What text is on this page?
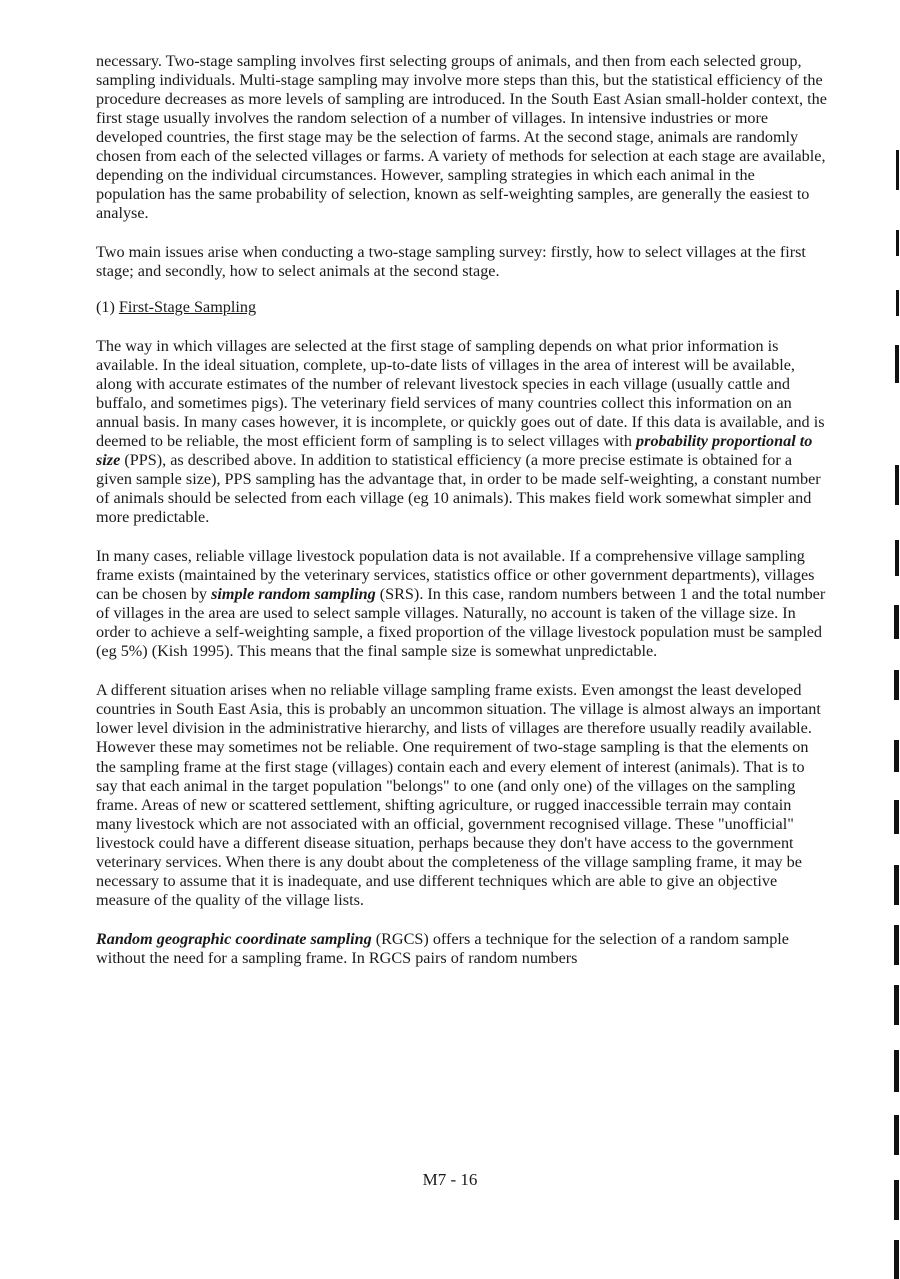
necessary. Two-stage sampling involves first selecting groups of animals, and then from each selected group, sampling individuals. Multi-stage sampling may involve more steps than this, but the statistical efficiency of the procedure decreases as more levels of sampling are introduced. In the South East Asian small-holder context, the first stage usually involves the random selection of a number of villages. In intensive industries or more developed countries, the first stage may be the selection of farms. At the second stage, animals are randomly chosen from each of the selected villages or farms. A variety of methods for selection at each stage are available, depending on the individual circumstances. However, sampling strategies in which each animal in the population has the same probability of selection, known as self-weighting samples, are generally the easiest to analyse.

Two main issues arise when conducting a two-stage sampling survey: firstly, how to select villages at the first stage; and secondly, how to select animals at the second stage.

(1) First-Stage Sampling

The way in which villages are selected at the first stage of sampling depends on what prior information is available. In the ideal situation, complete, up-to-date lists of villages in the area of interest will be available, along with accurate estimates of the number of relevant livestock species in each village (usually cattle and buffalo, and sometimes pigs). The veterinary field services of many countries collect this information on an annual basis. In many cases however, it is incomplete, or quickly goes out of date. If this data is available, and is deemed to be reliable, the most efficient form of sampling is to select villages with probability proportional to size (PPS), as described above. In addition to statistical efficiency (a more precise estimate is obtained for a given sample size), PPS sampling has the advantage that, in order to be made self-weighting, a constant number of animals should be selected from each village (eg 10 animals). This makes field work somewhat simpler and more predictable.

In many cases, reliable village livestock population data is not available. If a comprehensive village sampling frame exists (maintained by the veterinary services, statistics office or other government departments), villages can be chosen by simple random sampling (SRS). In this case, random numbers between 1 and the total number of villages in the area are used to select sample villages. Naturally, no account is taken of the village size. In order to achieve a self-weighting sample, a fixed proportion of the village livestock population must be sampled (eg 5%) (Kish 1995). This means that the final sample size is somewhat unpredictable.

A different situation arises when no reliable village sampling frame exists. Even amongst the least developed countries in South East Asia, this is probably an uncommon situation. The village is almost always an important lower level division in the administrative hierarchy, and lists of villages are therefore usually readily available. However these may sometimes not be reliable. One requirement of two-stage sampling is that the elements on the sampling frame at the first stage (villages) contain each and every element of interest (animals). That is to say that each animal in the target population "belongs" to one (and only one) of the villages on the sampling frame. Areas of new or scattered settlement, shifting agriculture, or rugged inaccessible terrain may contain many livestock which are not associated with an official, government recognised village. These "unofficial" livestock could have a different disease situation, perhaps because they don't have access to the government veterinary services. When there is any doubt about the completeness of the village sampling frame, it may be necessary to assume that it is inadequate, and use different techniques which are able to give an objective measure of the quality of the village lists.

Random geographic coordinate sampling (RGCS) offers a technique for the selection of a random sample without the need for a sampling frame. In RGCS pairs of random numbers

M7 - 16
